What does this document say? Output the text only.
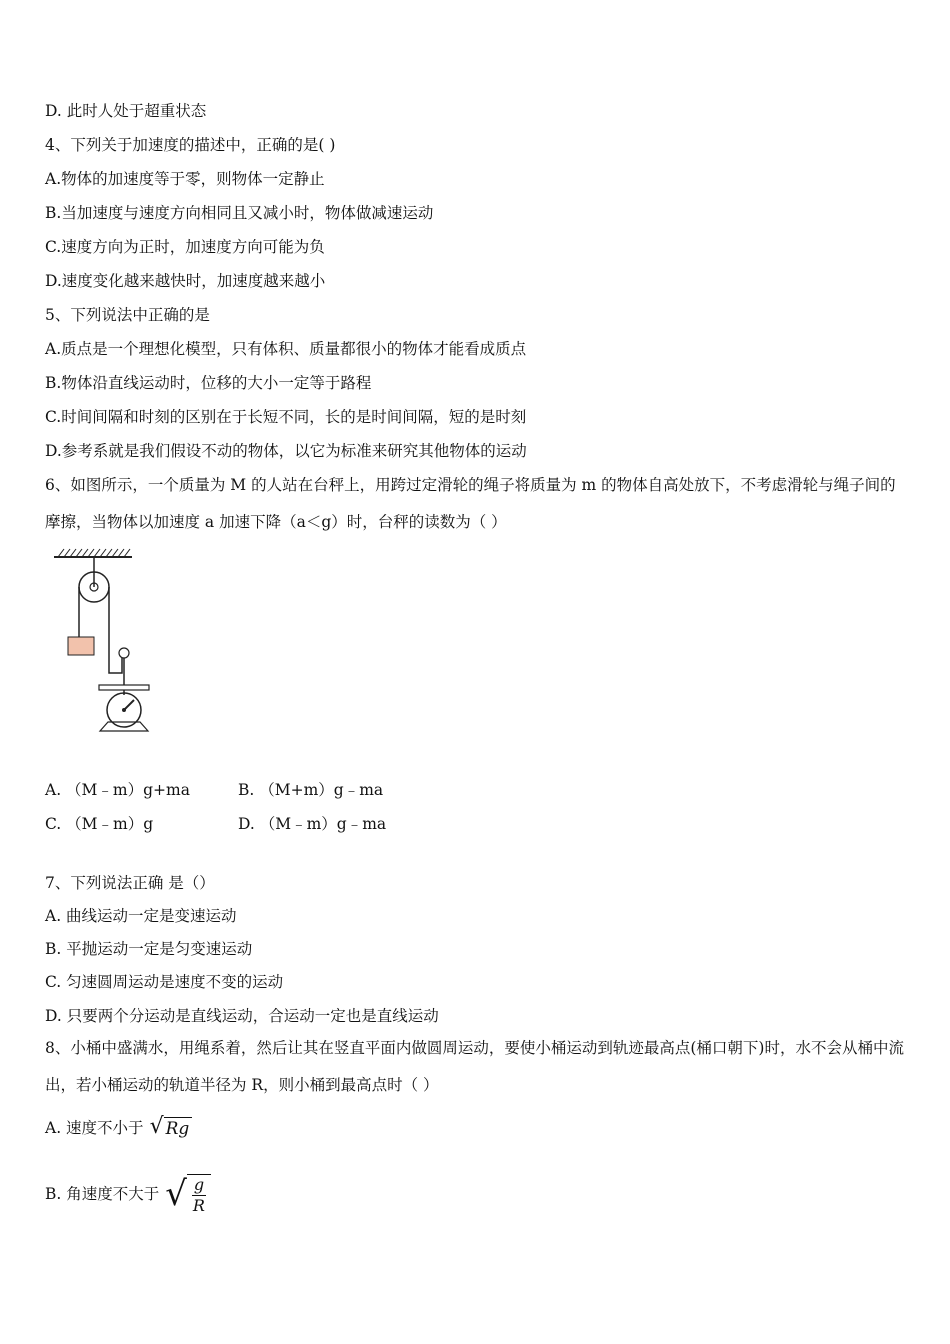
D. 此时人处于超重状态
4、下列关于加速度的描述中，正确的是( )
A.物体的加速度等于零，则物体一定静止
B.当加速度与速度方向相同且又减小时，物体做减速运动
C.速度方向为正时，加速度方向可能为负
D.速度变化越来越快时，加速度越来越小
5、下列说法中正确的是
A.质点是一个理想化模型，只有体积、质量都很小的物体才能看成质点
B.物体沿直线运动时，位移的大小一定等于路程
C.时间间隔和时刻的区别在于长短不同，长的是时间间隔，短的是时刻
D.参考系就是我们假设不动的物体，以它为标准来研究其他物体的运动
6、如图所示，一个质量为 M 的人站在台秤上，用跨过定滑轮的绳子将质量为 m 的物体自高处放下，不考虑滑轮与绳子间的摩擦，当物体以加速度 a 加速下降（a＜g）时，台秤的读数为（ ）
A. （M﹣m）g+ma	B. （M+m）g﹣ma
C. （M﹣m）g	D. （M﹣m）g﹣ma
7、下列说法正确 是（）
A. 曲线运动一定是变速运动
B. 平抛运动一定是匀变速运动
C. 匀速圆周运动是速度不变的运动
D. 只要两个分运动是直线运动，合运动一定也是直线运动
8、小桶中盛满水，用绳系着，然后让其在竖直平面内做圆周运动，要使小桶运动到轨迹最高点(桶口朝下)时，水不会从桶中流出，若小桶运动的轨道半径为 R，则小桶到最高点时（ ）
A. 速度不小于 √ Rg
B. 角速度不大于 √ $\frac{g}{R}$
